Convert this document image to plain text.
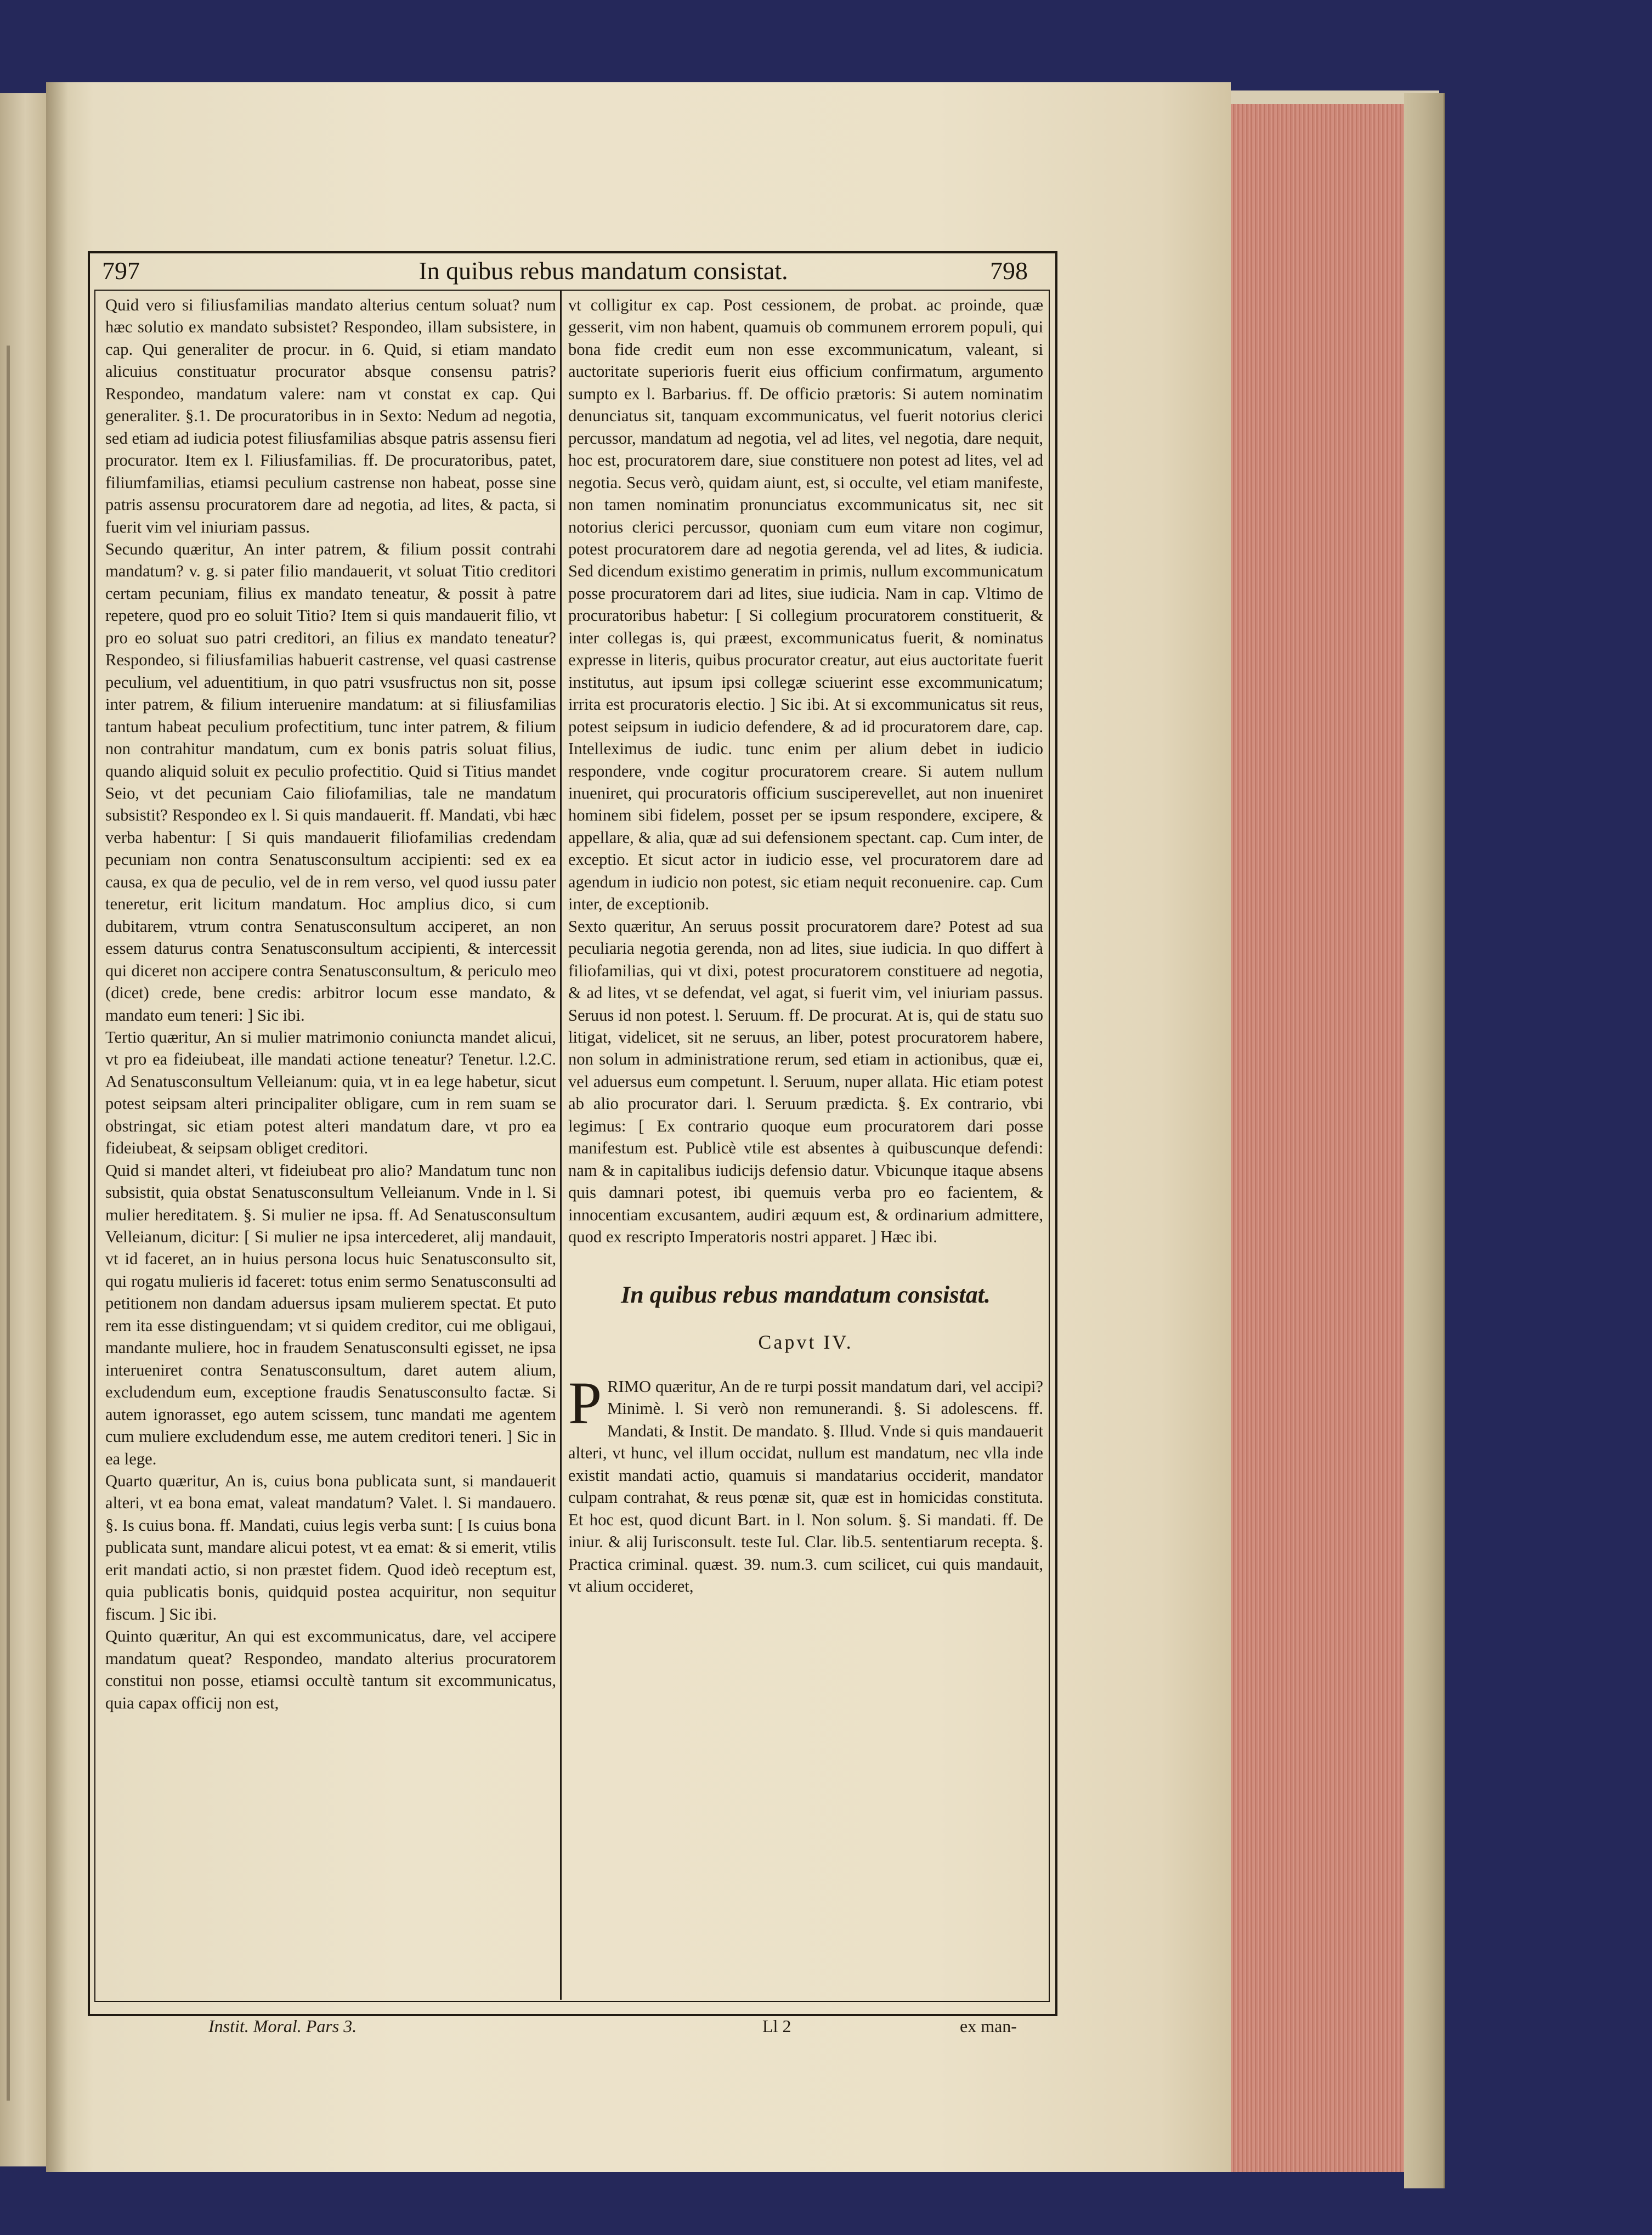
797	In quibus rebus mandatum consistat.	798

Quid vero si filiusfamilias mandato alterius centum soluat? num hæc solutio ex mandato subsistet? Respondeo, illam subsistere, in cap. Qui generaliter de procur. in 6. Quid, si etiam mandato alicuius constituatur procurator absque consensu patris? Respondeo, mandatum valere: nam vt constat ex cap. Qui generaliter. §.1. De procuratoribus in in Sexto: Nedum ad negotia, sed etiam ad iudicia potest filiusfamilias absque patris assensu fieri procurator. Item ex l. Filiusfamilias. ff. De procuratoribus, patet, filiumfamilias, etiamsi peculium castrense non habeat, posse sine patris assensu procuratorem dare ad negotia, ad lites, & pacta, si fuerit vim vel iniuriam passus.

Secundo quæritur, An inter patrem, & filium possit contrahi mandatum? v. g. si pater filio mandauerit, vt soluat Titio creditori certam pecuniam, filius ex mandato teneatur, & possit à patre repetere, quod pro eo soluit Titio? Item si quis mandauerit filio, vt pro eo soluat suo patri creditori, an filius ex mandato teneatur? Respondeo, si filiusfamilias habuerit castrense, vel quasi castrense peculium, vel aduentitium, in quo patri vsusfructus non sit, posse inter patrem, & filium interuenire mandatum: at si filiusfamilias tantum habeat peculium profectitium, tunc inter patrem, & filium non contrahitur mandatum, cum ex bonis patris soluat filius, quando aliquid soluit ex peculio profectitio. Quid si Titius mandet Seio, vt det pecuniam Caio filiofamilias, tale ne mandatum subsistit? Respondeo ex l. Si quis mandauerit. ff. Mandati, vbi hæc verba habentur: [ Si quis mandauerit filiofamilias credendam pecuniam non contra Senatusconsultum accipienti: sed ex ea causa, ex qua de peculio, vel de in rem verso, vel quod iussu pater teneretur, erit licitum mandatum. Hoc amplius dico, si cum dubitarem, vtrum contra Senatusconsultum acciperet, an non essem daturus contra Senatusconsultum accipienti, & intercessit qui diceret non accipere contra Senatusconsultum, & periculo meo (dicet) crede, bene credis: arbitror locum esse mandato, & mandato eum teneri: ] Sic ibi.

Tertio quæritur, An si mulier matrimonio coniuncta mandet alicui, vt pro ea fideiubeat, ille mandati actione teneatur? Tenetur. l.2.C. Ad Senatusconsultum Velleianum: quia, vt in ea lege habetur, sicut potest seipsam alteri principaliter obligare, cum in rem suam se obstringat, sic etiam potest alteri mandatum dare, vt pro ea fideiubeat, & seipsam obliget creditori.

Quid si mandet alteri, vt fideiubeat pro alio? Mandatum tunc non subsistit, quia obstat Senatusconsultum Velleianum. Vnde in l. Si mulier hereditatem. §. Si mulier ne ipsa. ff. Ad Senatusconsultum Velleianum, dicitur: [ Si mulier ne ipsa intercederet, alij mandauit, vt id faceret, an in huius persona locus huic Senatusconsulto sit, qui rogatu mulieris id faceret: totus enim sermo Senatusconsulti ad petitionem non dandam aduersus ipsam mulierem spectat. Et puto rem ita esse distinguendam; vt si quidem creditor, cui me obligaui, mandante muliere, hoc in fraudem Senatusconsulti egisset, ne ipsa interueniret contra Senatusconsultum, daret autem alium, excludendum eum, exceptione fraudis Senatusconsulto factæ. Si autem ignorasset, ego autem scissem, tunc mandati me agentem cum muliere excludendum esse, me autem creditori teneri. ] Sic in ea lege.

Quarto quæritur, An is, cuius bona publicata sunt, si mandauerit alteri, vt ea bona emat, valeat mandatum? Valet. l. Si mandauero. §. Is cuius bona. ff. Mandati, cuius legis verba sunt: [ Is cuius bona publicata sunt, mandare alicui potest, vt ea emat: & si emerit, vtilis erit mandati actio, si non præstet fidem. Quod ideò receptum est, quia publicatis bonis, quidquid postea acquiritur, non sequitur fiscum. ] Sic ibi.

Quinto quæritur, An qui est excommunicatus, dare, vel accipere mandatum queat? Respondeo, mandato alterius procuratorem constitui non posse, etiamsi occultè tantum sit excommunicatus, quia capax officij non est,

vt colligitur ex cap. Post cessionem, de probat. ac proinde, quæ gesserit, vim non habent, quamuis ob communem errorem populi, qui bona fide credit eum non esse excommunicatum, valeant, si auctoritate superioris fuerit eius officium confirmatum, argumento sumpto ex l. Barbarius. ff. De officio prætoris: Si autem nominatim denunciatus sit, tanquam excommunicatus, vel fuerit notorius clerici percussor, mandatum ad negotia, vel ad lites, vel negotia, dare nequit, hoc est, procuratorem dare, siue constituere non potest ad lites, vel ad negotia. Secus verò, quidam aiunt, est, si occulte, vel etiam manifeste, non tamen nominatim pronunciatus excommunicatus sit, nec sit notorius clerici percussor, quoniam cum eum vitare non cogimur, potest procuratorem dare ad negotia gerenda, vel ad lites, & iudicia. Sed dicendum existimo generatim in primis, nullum excommunicatum posse procuratorem dari ad lites, siue iudicia. Nam in cap. Vltimo de procuratoribus habetur: [ Si collegium procuratorem constituerit, & inter collegas is, qui præest, excommunicatus fuerit, & nominatus expresse in literis, quibus procurator creatur, aut eius auctoritate fuerit institutus, aut ipsum ipsi collegæ sciuerint esse excommunicatum; irrita est procuratoris electio. ] Sic ibi. At si excommunicatus sit reus, potest seipsum in iudicio defendere, & ad id procuratorem dare, cap. Intelleximus de iudic. tunc enim per alium debet in iudicio respondere, vnde cogitur procuratorem creare. Si autem nullum inueniret, qui procuratoris officium susciperevellet, aut non inueniret hominem sibi fidelem, posset per se ipsum respondere, excipere, & appellare, & alia, quæ ad sui defensionem spectant. cap. Cum inter, de exceptio. Et sicut actor in iudicio esse, vel procuratorem dare ad agendum in iudicio non potest, sic etiam nequit reconuenire. cap. Cum inter, de exceptionib.

Sexto quæritur, An seruus possit procuratorem dare? Potest ad sua peculiaria negotia gerenda, non ad lites, siue iudicia. In quo differt à filiofamilias, qui vt dixi, potest procuratorem constituere ad negotia, & ad lites, vt se defendat, vel agat, si fuerit vim, vel iniuriam passus. Seruus id non potest. l. Seruum. ff. De procurat. At is, qui de statu suo litigat, videlicet, sit ne seruus, an liber, potest procuratorem habere, non solum in administratione rerum, sed etiam in actionibus, quæ ei, vel aduersus eum competunt. l. Seruum, nuper allata. Hic etiam potest ab alio procurator dari. l. Seruum prædicta. §. Ex contrario, vbi legimus: [ Ex contrario quoque eum procuratorem dari posse manifestum est. Publicè vtile est absentes à quibuscunque defendi: nam & in capitalibus iudicijs defensio datur. Vbicunque itaque absens quis damnari potest, ibi quemuis verba pro eo facientem, & innocentiam excusantem, audiri æquum est, & ordinarium admittere, quod ex rescripto Imperatoris nostri apparet. ] Hæc ibi.

In quibus rebus mandatum consistat.
Capvt IV.

PRIMO quæritur, An de re turpi possit mandatum dari, vel accipi? Minimè. l. Si verò non remunerandi. §. Si adolescens. ff. Mandati, & Instit. De mandato. §. Illud. Vnde si quis mandauerit alteri, vt hunc, vel illum occidat, nullum est mandatum, nec vlla inde existit mandati actio, quamuis si mandatarius occiderit, mandator culpam contrahat, & reus pœnæ sit, quæ est in homicidas constituta. Et hoc est, quod dicunt Bart. in l. Non solum. §. Si mandati. ff. De iniur. & alij Iurisconsult. teste Iul. Clar. lib.5. sententiarum recepta. §. Practica criminal. quæst. 39. num.3. cum scilicet, cui quis mandauit, vt alium occideret,

Instit. Moral. Pars 3.	Ll 2	ex man-
